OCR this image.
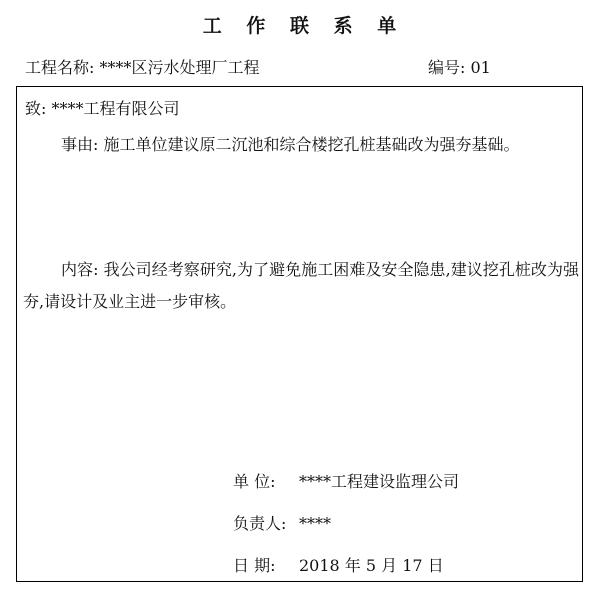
工 作 联 系 单
工程名称: ****区污水处理厂工程	编号: 01
致: ****工程有限公司
事由: 施工单位建议原二沉池和综合楼挖孔桩基础改为强夯基础。
内容: 我公司经考察研究,为了避免施工困难及安全隐患,建议挖孔桩改为强夯,请设计及业主进一步审核。
单 位: ****工程建设监理公司
负责人: ****
日 期: 2018 年 5 月 17 日
